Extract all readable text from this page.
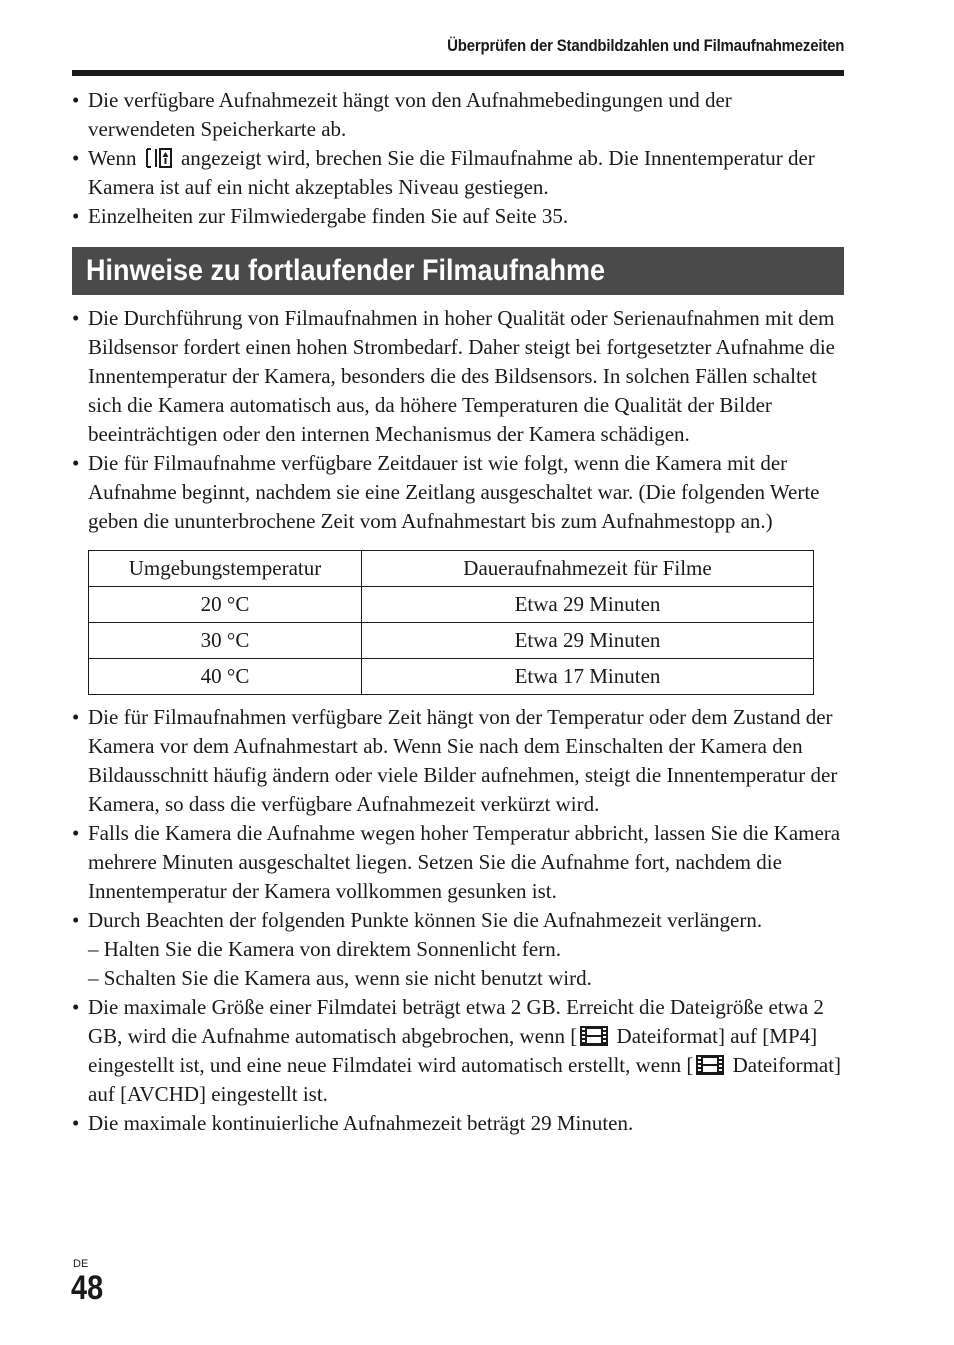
Überprüfen der Standbildzahlen und Filmaufnahmezeiten
• Die verfügbare Aufnahmezeit hängt von den Aufnahmebedingungen und der verwendeten Speicherkarte ab.
• Wenn angezeigt wird, brechen Sie die Filmaufnahme ab. Die Innentemperatur der Kamera ist auf ein nicht akzeptables Niveau gestiegen.
• Einzelheiten zur Filmwiedergabe finden Sie auf Seite 35.
Hinweise zu fortlaufender Filmaufnahme
• Die Durchführung von Filmaufnahmen in hoher Qualität oder Serienaufnahmen mit dem Bildsensor fordert einen hohen Strombedarf. Daher steigt bei fortgesetzter Aufnahme die Innentemperatur der Kamera, besonders die des Bildsensors. In solchen Fällen schaltet sich die Kamera automatisch aus, da höhere Temperaturen die Qualität der Bilder beeinträchtigen oder den internen Mechanismus der Kamera schädigen.
• Die für Filmaufnahme verfügbare Zeitdauer ist wie folgt, wenn die Kamera mit der Aufnahme beginnt, nachdem sie eine Zeitlang ausgeschaltet war. (Die folgenden Werte geben die ununterbrochene Zeit vom Aufnahmestart bis zum Aufnahmestopp an.)
Umgebungstemperatur	Daueraufnahmezeit für Filme
20 °C	Etwa 29 Minuten
30 °C	Etwa 29 Minuten
40 °C	Etwa 17 Minuten
• Die für Filmaufnahmen verfügbare Zeit hängt von der Temperatur oder dem Zustand der Kamera vor dem Aufnahmestart ab. Wenn Sie nach dem Einschalten der Kamera den Bildausschnitt häufig ändern oder viele Bilder aufnehmen, steigt die Innentemperatur der Kamera, so dass die verfügbare Aufnahmezeit verkürzt wird.
• Falls die Kamera die Aufnahme wegen hoher Temperatur abbricht, lassen Sie die Kamera mehrere Minuten ausgeschaltet liegen. Setzen Sie die Aufnahme fort, nachdem die Innentemperatur der Kamera vollkommen gesunken ist.
• Durch Beachten der folgenden Punkte können Sie die Aufnahmezeit verlängern.
– Halten Sie die Kamera von direktem Sonnenlicht fern.
– Schalten Sie die Kamera aus, wenn sie nicht benutzt wird.
• Die maximale Größe einer Filmdatei beträgt etwa 2 GB. Erreicht die Dateigröße etwa 2 GB, wird die Aufnahme automatisch abgebrochen, wenn [ Dateiformat] auf [MP4] eingestellt ist, und eine neue Filmdatei wird automatisch erstellt, wenn [ Dateiformat] auf [AVCHD] eingestellt ist.
• Die maximale kontinuierliche Aufnahmezeit beträgt 29 Minuten.
DE
48
